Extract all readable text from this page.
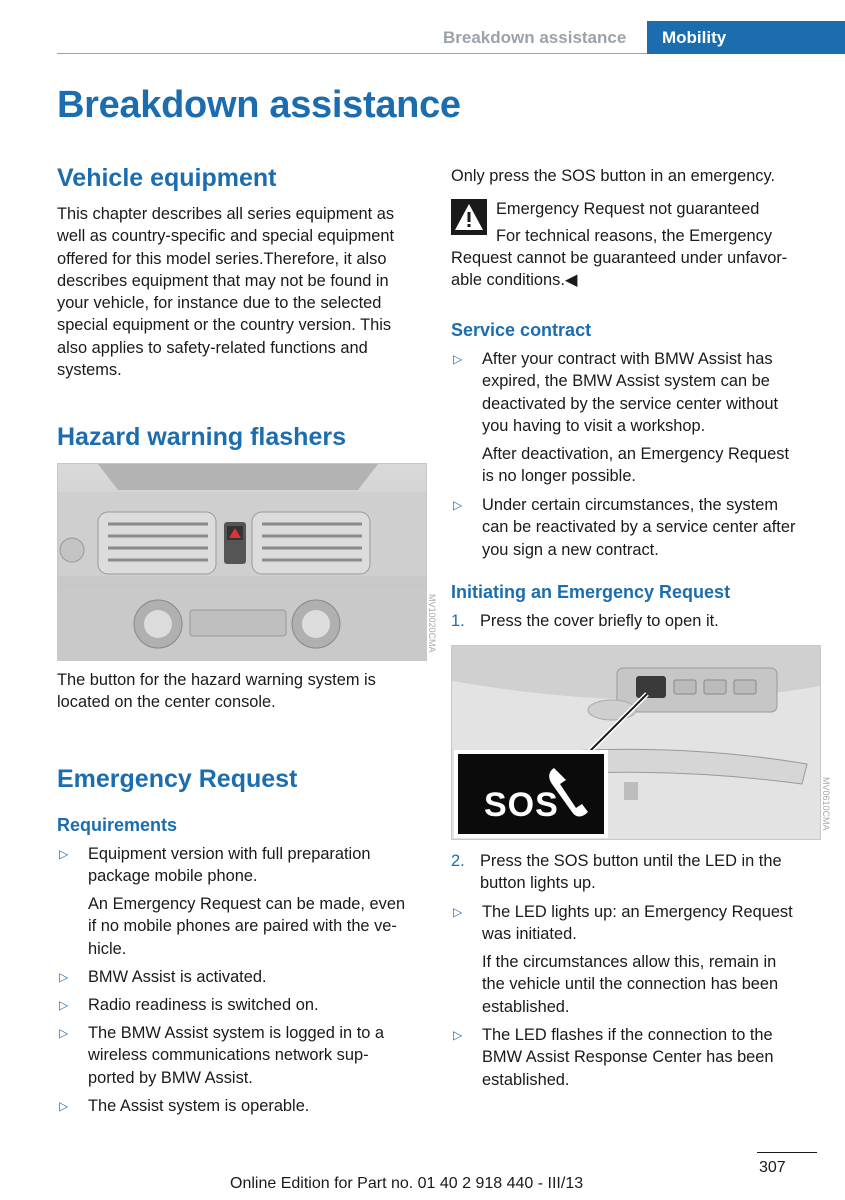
Breakdown assistance Mobility
Breakdown assistance
Vehicle equipment

This chapter describes all series equipment as
well as country-specific and special equipment
offered for this model series.Therefore, it also
describes equipment that may not be found in
your vehicle, for instance due to the selected
special equipment or the country version. This
also applies to safety-related functions and
systems.

Hazard warning flashers
MV10020CMA

The button for the hazard warning system is
located on the center console.

Emergency Request
Requirements
▷ Equipment version with full preparation
package mobile phone.
An Emergency Request can be made, even
if no mobile phones are paired with the ve‐
hicle.
▷ BMW Assist is activated.
▷ Radio readiness is switched on.
▷ The BMW Assist system is logged in to a
wireless communications network sup‐
ported by BMW Assist.
▷ The Assist system is operable.

Only press the SOS button in an emergency.

Emergency Request not guaranteed

For technical reasons, the Emergency

Request cannot be guaranteed under unfavor‐
able conditions.◀

Service contract
▷ After your contract with BMW Assist has
expired, the BMW Assist system can be
deactivated by the service center without
you having to visit a workshop.
After deactivation, an Emergency Request
is no longer possible.
▷ Under certain circumstances, the system
can be reactivated by a service center after
you sign a new contract.
Initiating an Emergency Request
1. Press the cover briefly to open it.
SOS	MV0610CMA
2. Press the SOS button until the LED in the
button lights up.
▷ The LED lights up: an Emergency Request
was initiated.
If the circumstances allow this, remain in
the vehicle until the connection has been
established.
▷ The LED flashes if the connection to the
BMW Assist Response Center has been
established.
307
Online Edition for Part no. 01 40 2 918 440 - III/13
